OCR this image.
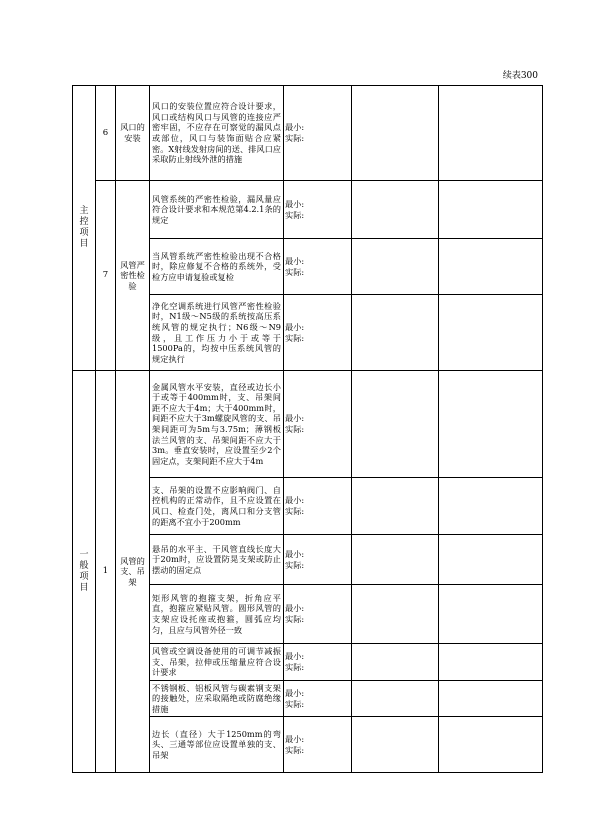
续表300
主控项目	6	风口的安装	风口的安装位置应符合设计要求，风口或结构风口与风管的连接应严密牢固，不应存在可察觉的漏风点或部位，风口与装饰面贴合应紧密。X射线发射房间的送、排风口应采取防止射线外泄的措施	最小:
实际:		

	7	风管严密性检验	风管系统的严密性检验，漏风量应符合设计要求和本规范第4.2.1条的规定	最小:
实际:		

			当风管系统严密性检验出现不合格时，除应修复不合格的系统外，受检方应申请复验或复检	最小:
实际:		

			净化空调系统进行风管严密性检验时，N1级～N5级的系统按高压系统风管的规定执行；N6级～N9级，且工作压力小于或等于1500Pa的，均按中压系统风管的规定执行	最小:
实际:		

一般项目	1	风管的支、吊架	金属风管水平安装，直径或边长小于或等于400mm时，支、吊架间距不应大于4m；大于400mm时，间距不应大于3m螺旋风管的支、吊架间距可为5m与3.75m；薄钢板法兰风管的支、吊架间距不应大于3m。垂直安装时，应设置至少2个固定点，支架间距不应大于4m	最小:
实际:		

			支、吊架的设置不应影响阀门、自控机构的正常动作，且不应设置在风口、检查门处，离风口和分支管的距离不宜小于200mm	最小:
实际:		

			悬吊的水平主、干风管直线长度大于20m时，应设置防晃支架或防止摆动的固定点	最小:
实际:		

			矩形风管的抱箍支架，折角应平直，抱箍应紧贴风管。圆形风管的支架应设托座或抱箍，圆弧应均匀，且应与风管外径一致	最小:
实际:		

			风管或空调设备使用的可调节减振支、吊架，拉伸或压缩量应符合设计要求	最小:
实际:		

			不锈钢板、铝板风管与碳素钢支架的接触处，应采取隔绝或防腐绝缘措施	最小:
实际:		

			边长（直径）大于1250mm的弯头、三通等部位应设置单独的支、吊架	最小:
实际:		
